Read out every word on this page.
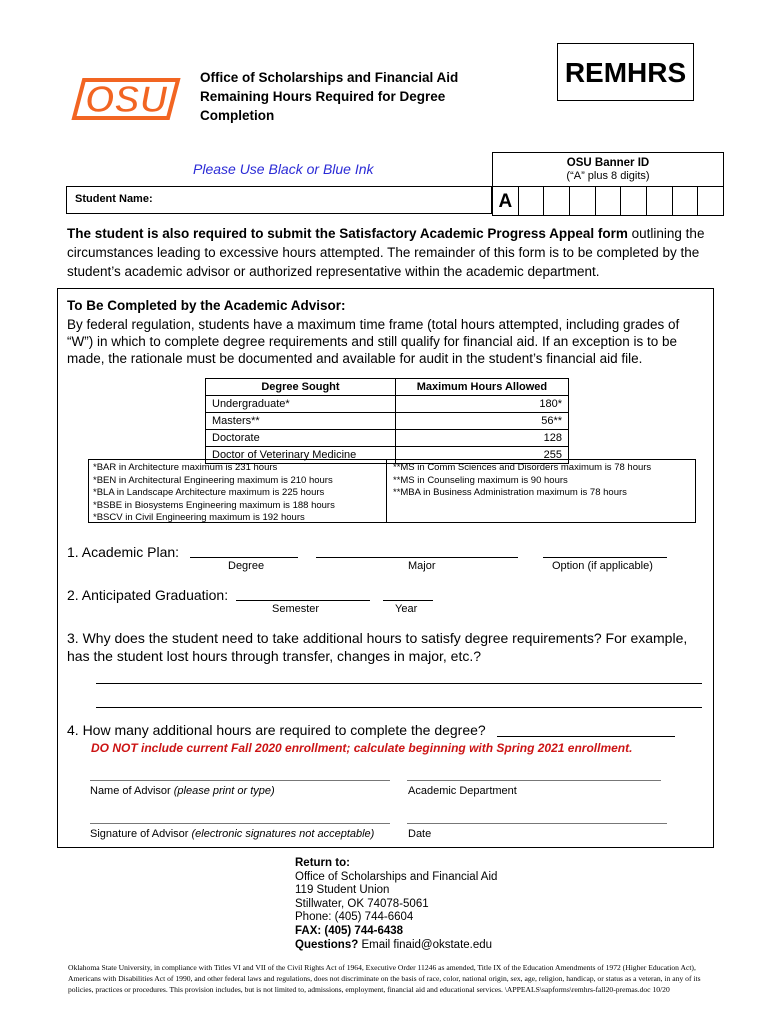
OSU
Office of Scholarships and Financial Aid
Remaining Hours Required for Degree
Completion
REMHRS
Please Use Black or Blue Ink	OSU Banner ID
(“A” plus 8 digits)
Student Name:	A
The student is also required to submit the Satisfactory Academic Progress Appeal form outlining the circumstances leading to excessive hours attempted. The remainder of this form is to be completed by the student’s academic advisor or authorized representative within the academic department.
To Be Completed by the Academic Advisor:
By federal regulation, students have a maximum time frame (total hours attempted, including grades of “W”) in which to complete degree requirements and still qualify for financial aid. If an exception is to be made, the rationale must be documented and available for audit in the student’s financial aid file.
Degree Sought	Maximum Hours Allowed
Undergraduate*	180*
Masters**	56**
Doctorate	128
Doctor of Veterinary Medicine	255
*BAR in Architecture maximum is 231 hours
*BEN in Architectural Engineering maximum is 210 hours
*BLA in Landscape Architecture maximum is 225 hours
*BSBE in Biosystems Engineering maximum is 188 hours
*BSCV in Civil Engineering maximum is 192 hours
**MS in Comm Sciences and Disorders maximum is 78 hours
**MS in Counseling maximum is 90 hours
**MBA in Business Administration maximum is 78 hours
1. Academic Plan:
Degree	Major	Option (if applicable)
2. Anticipated Graduation:
Semester	Year
3. Why does the student need to take additional hours to satisfy degree requirements? For example, has the student lost hours through transfer, changes in major, etc.?
4. How many additional hours are required to complete the degree?
DO NOT include current Fall 2020 enrollment; calculate beginning with Spring 2021 enrollment.
Name of Advisor (please print or type)	Academic Department
Signature of Advisor (electronic signatures not acceptable)	Date
Return to:
Office of Scholarships and Financial Aid
119 Student Union
Stillwater, OK 74078-5061
Phone: (405) 744-6604
FAX: (405) 744-6438
Questions? Email finaid@okstate.edu
Oklahoma State University, in compliance with Titles VI and VII of the Civil Rights Act of 1964, Executive Order 11246 as amended, Title IX of the Education Amendments of 1972 (Higher Education Act), Americans with Disabilities Act of 1990, and other federal laws and regulations, does not discriminate on the basis of race, color, national origin, sex, age, religion, handicap, or status as a veteran, in any of its policies, practices or procedures. This provision includes, but is not limited to, admissions, employment, financial aid and educational services. \APPEALS\sapforms\remhrs-fall20-premas.doc 10/20
